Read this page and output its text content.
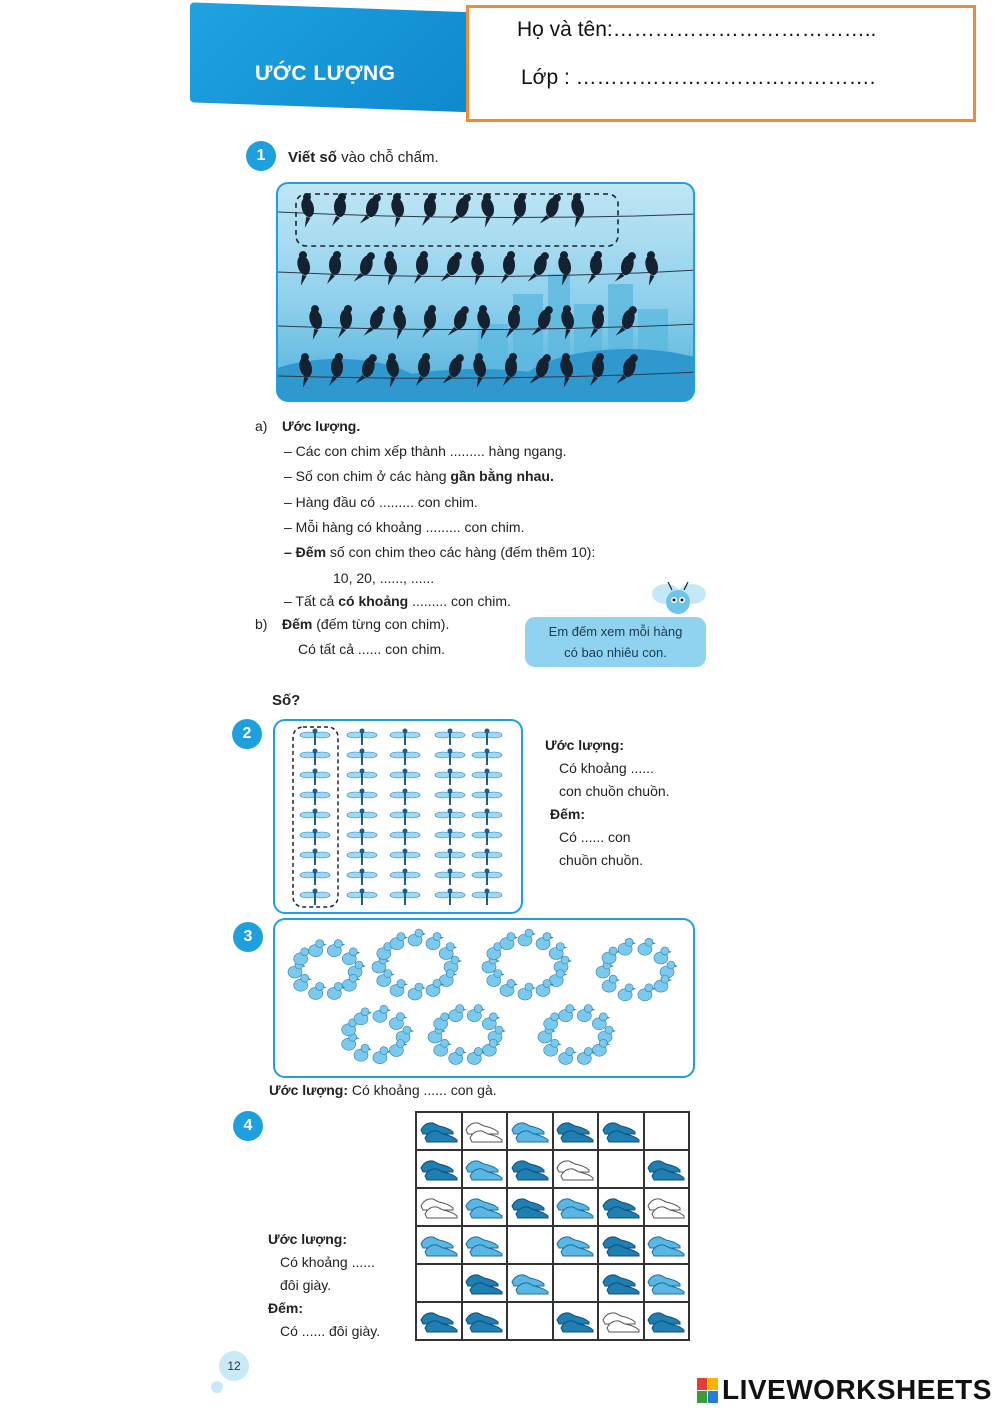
ƯỚC LƯỢNG
Họ và tên:………………………………..
Lớp : …………………………………….
1	Viết số vào chỗ chấm.
a) Ước lượng.
– Các con chim xếp thành ......... hàng ngang.
– Số con chim ở các hàng gần bằng nhau.
– Hàng đầu có ......... con chim.
– Mỗi hàng có khoảng ......... con chim.
– Đếm số con chim theo các hàng (đếm thêm 10):
10, 20, ......, ......
– Tất cả có khoảng ......... con chim.
b) Đếm (đếm từng con chim).
Có tất cả ...... con chim.
Em đếm xem mỗi hàng
có bao nhiêu con.
Số?
2
Ước lượng:
Có khoảng ......
con chuồn chuồn.
Đếm:
Có ...... con
chuồn chuồn.
3
Ước lượng: Có khoảng ...... con gà.
4
Ước lượng:
Có khoảng ......
đôi giày.
Đếm:
Có ...... đôi giày.
12
LIVEWORKSHEETS
